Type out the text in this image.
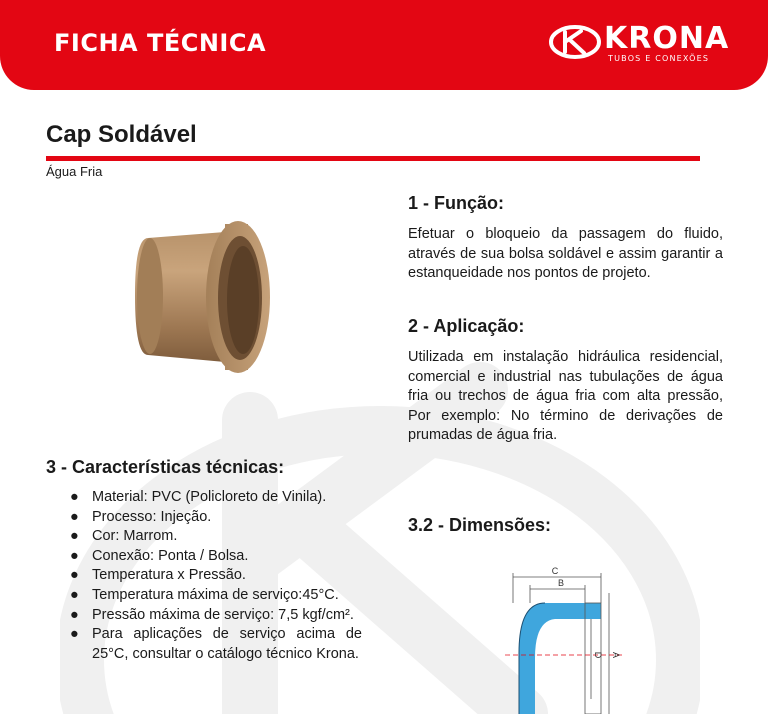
FICHA TÉCNICA	KRONA
TUBOS E CONEXÕES
Cap Soldável
Água Fria
1 - Função:

Efetuar o bloqueio da passagem do fluido, através de sua bolsa soldável e assim garantir a estanqueidade nos pontos de projeto.

2 - Aplicação:

Utilizada em instalação hidráulica residencial, comercial e industrial nas tubulações de água fria ou trechos de água fria com alta pressão, Por exemplo: No término de derivações de prumadas de água fria.

3 - Características técnicas:
● Material: PVC (Policloreto de Vinila).
● Processo: Injeção.
● Cor: Marrom.
● Conexão: Ponta / Bolsa.
● Temperatura x Pressão.
● Temperatura máxima de serviço:45°C.
● Pressão máxima de serviço: 7,5 kgf/cm².
● Para aplicações de serviço acima de 25°C, consultar o catálogo técnico Krona.
3.2 - Dimensões:
C
B
D A
